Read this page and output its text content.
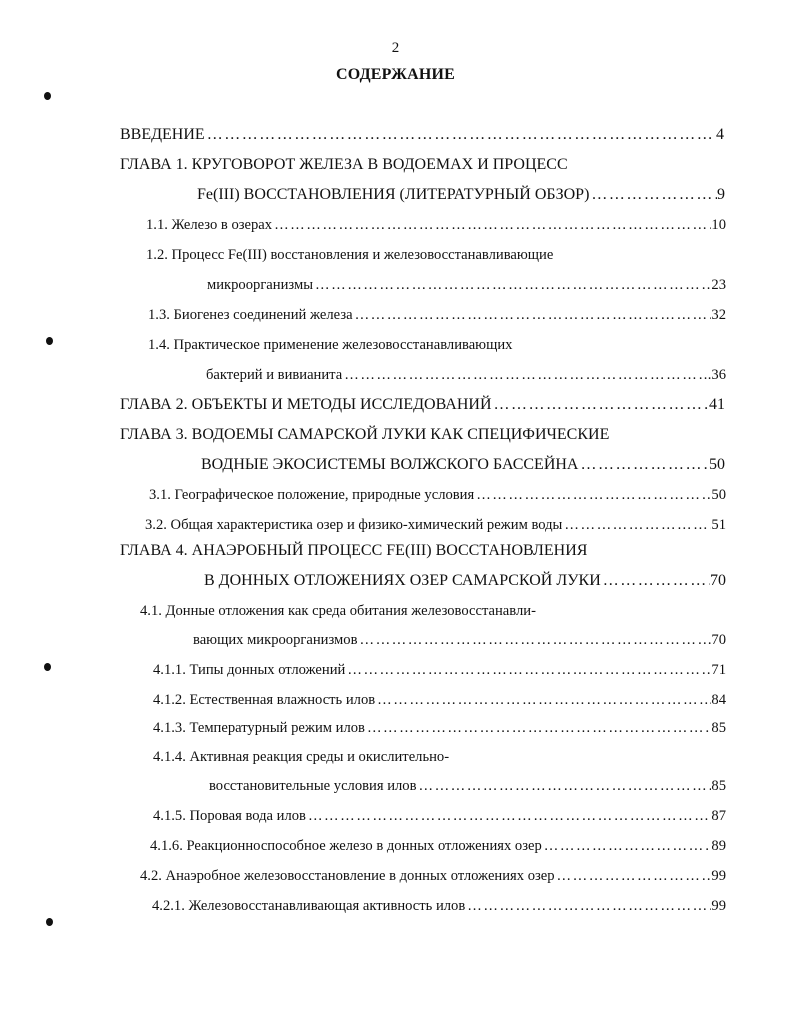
2
СОДЕРЖАНИЕ
ВВЕДЕНИЕ ………………………………………………………………………………………………………………………………………………………………	4
ГЛАВА 1. КРУГОВОРОТ ЖЕЛЕЗА В ВОДОЕМАХ И ПРОЦЕСС
Fe(III) ВОССТАНОВЛЕНИЯ (ЛИТЕРАТУРНЫЙ ОБЗОР) ………………………………………………………………………………………………………………………………………………………………	9
1.1. Железо в озерах ………………………………………………………………………………………………………………………………………………………………	10
1.2. Процесс Fe(III) восстановления и железовосстанавливающие
микроорганизмы ………………………………………………………………………………………………………………………………………………………………	23
1.3. Биогенез соединений железа ………………………………………………………………………………………………………………………………………………………………	32
1.4. Практическое применение железовосстанавливающих
бактерий и вивианита ………………………………………………………………………………………………………………………………………………………………	.36
ГЛАВА 2. ОБЪЕКТЫ И МЕТОДЫ ИССЛЕДОВАНИЙ ………………………………………………………………………………………………………………………………………………………………	41
ГЛАВА 3. ВОДОЕМЫ САМАРСКОЙ ЛУКИ КАК СПЕЦИФИЧЕСКИЕ
ВОДНЫЕ ЭКОСИСТЕМЫ ВОЛЖСКОГО БАССЕЙНА ………………………………………………………………………………………………………………………………………………………………	50
3.1. Географическое положение, природные условия ………………………………………………………………………………………………………………………………………………………………	50
3.2. Общая характеристика озер и физико-химический режим воды ………………………………………………………………………………………………………………………………………………………………	51
ГЛАВА 4. АНАЭРОБНЫЙ ПРОЦЕСС FE(III) ВОССТАНОВЛЕНИЯ
В ДОННЫХ ОТЛОЖЕНИЯХ ОЗЕР САМАРСКОЙ ЛУКИ ………………………………………………………………………………………………………………………………………………………………	70
4.1. Донные отложения как среда обитания железовосстанавли-
вающих микроорганизмов ………………………………………………………………………………………………………………………………………………………………	70
4.1.1. Типы донных отложений ………………………………………………………………………………………………………………………………………………………………	71
4.1.2. Естественная влажность илов ………………………………………………………………………………………………………………………………………………………………	84
4.1.3. Температурный режим илов ………………………………………………………………………………………………………………………………………………………………	85
4.1.4. Активная реакция среды и окислительно-
восстановительные условия илов ………………………………………………………………………………………………………………………………………………………………	85
4.1.5. Поровая вода илов ………………………………………………………………………………………………………………………………………………………………	87
4.1.6. Реакционноспособное железо в донных отложениях озер ………………………………………………………………………………………………………………………………………………………………	89
4.2. Анаэробное железовосстановление в донных отложениях озер ………………………………………………………………………………………………………………………………………………………………	99
4.2.1. Железовосстанавливающая активность илов ………………………………………………………………………………………………………………………………………………………………	99
